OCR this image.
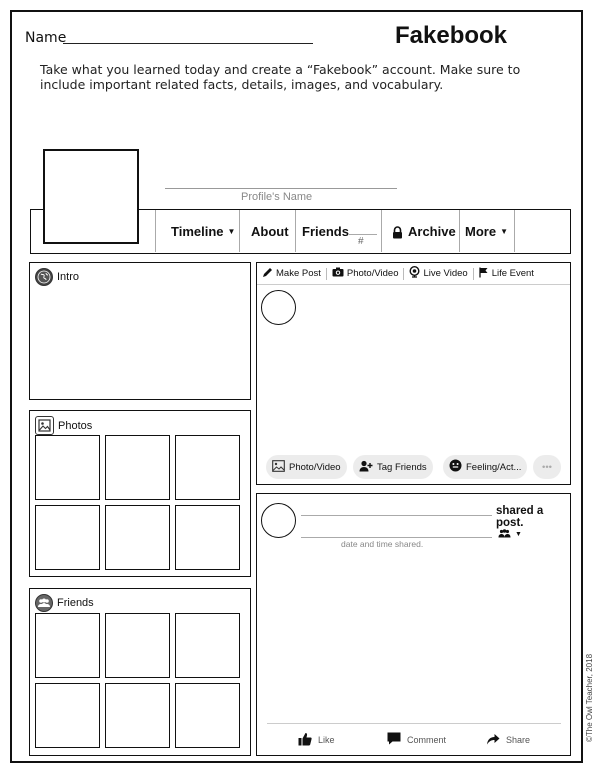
Name	Fakebook

Take what you learned today and create a “Fakebook” account. Make sure to include important related facts, details, images, and vocabulary.

Profile's Name
Timeline ▼ About Friends	Archive More ▼
#
Intro
Photos
Friends
Make Post	Photo/Video	Live Video	Life Event
Photo/Video	Tag Friends	Feeling/Act... •••
shared a post.
date and time shared.
▼
Like	Comment	Share	©The Owl Teacher, 2018
